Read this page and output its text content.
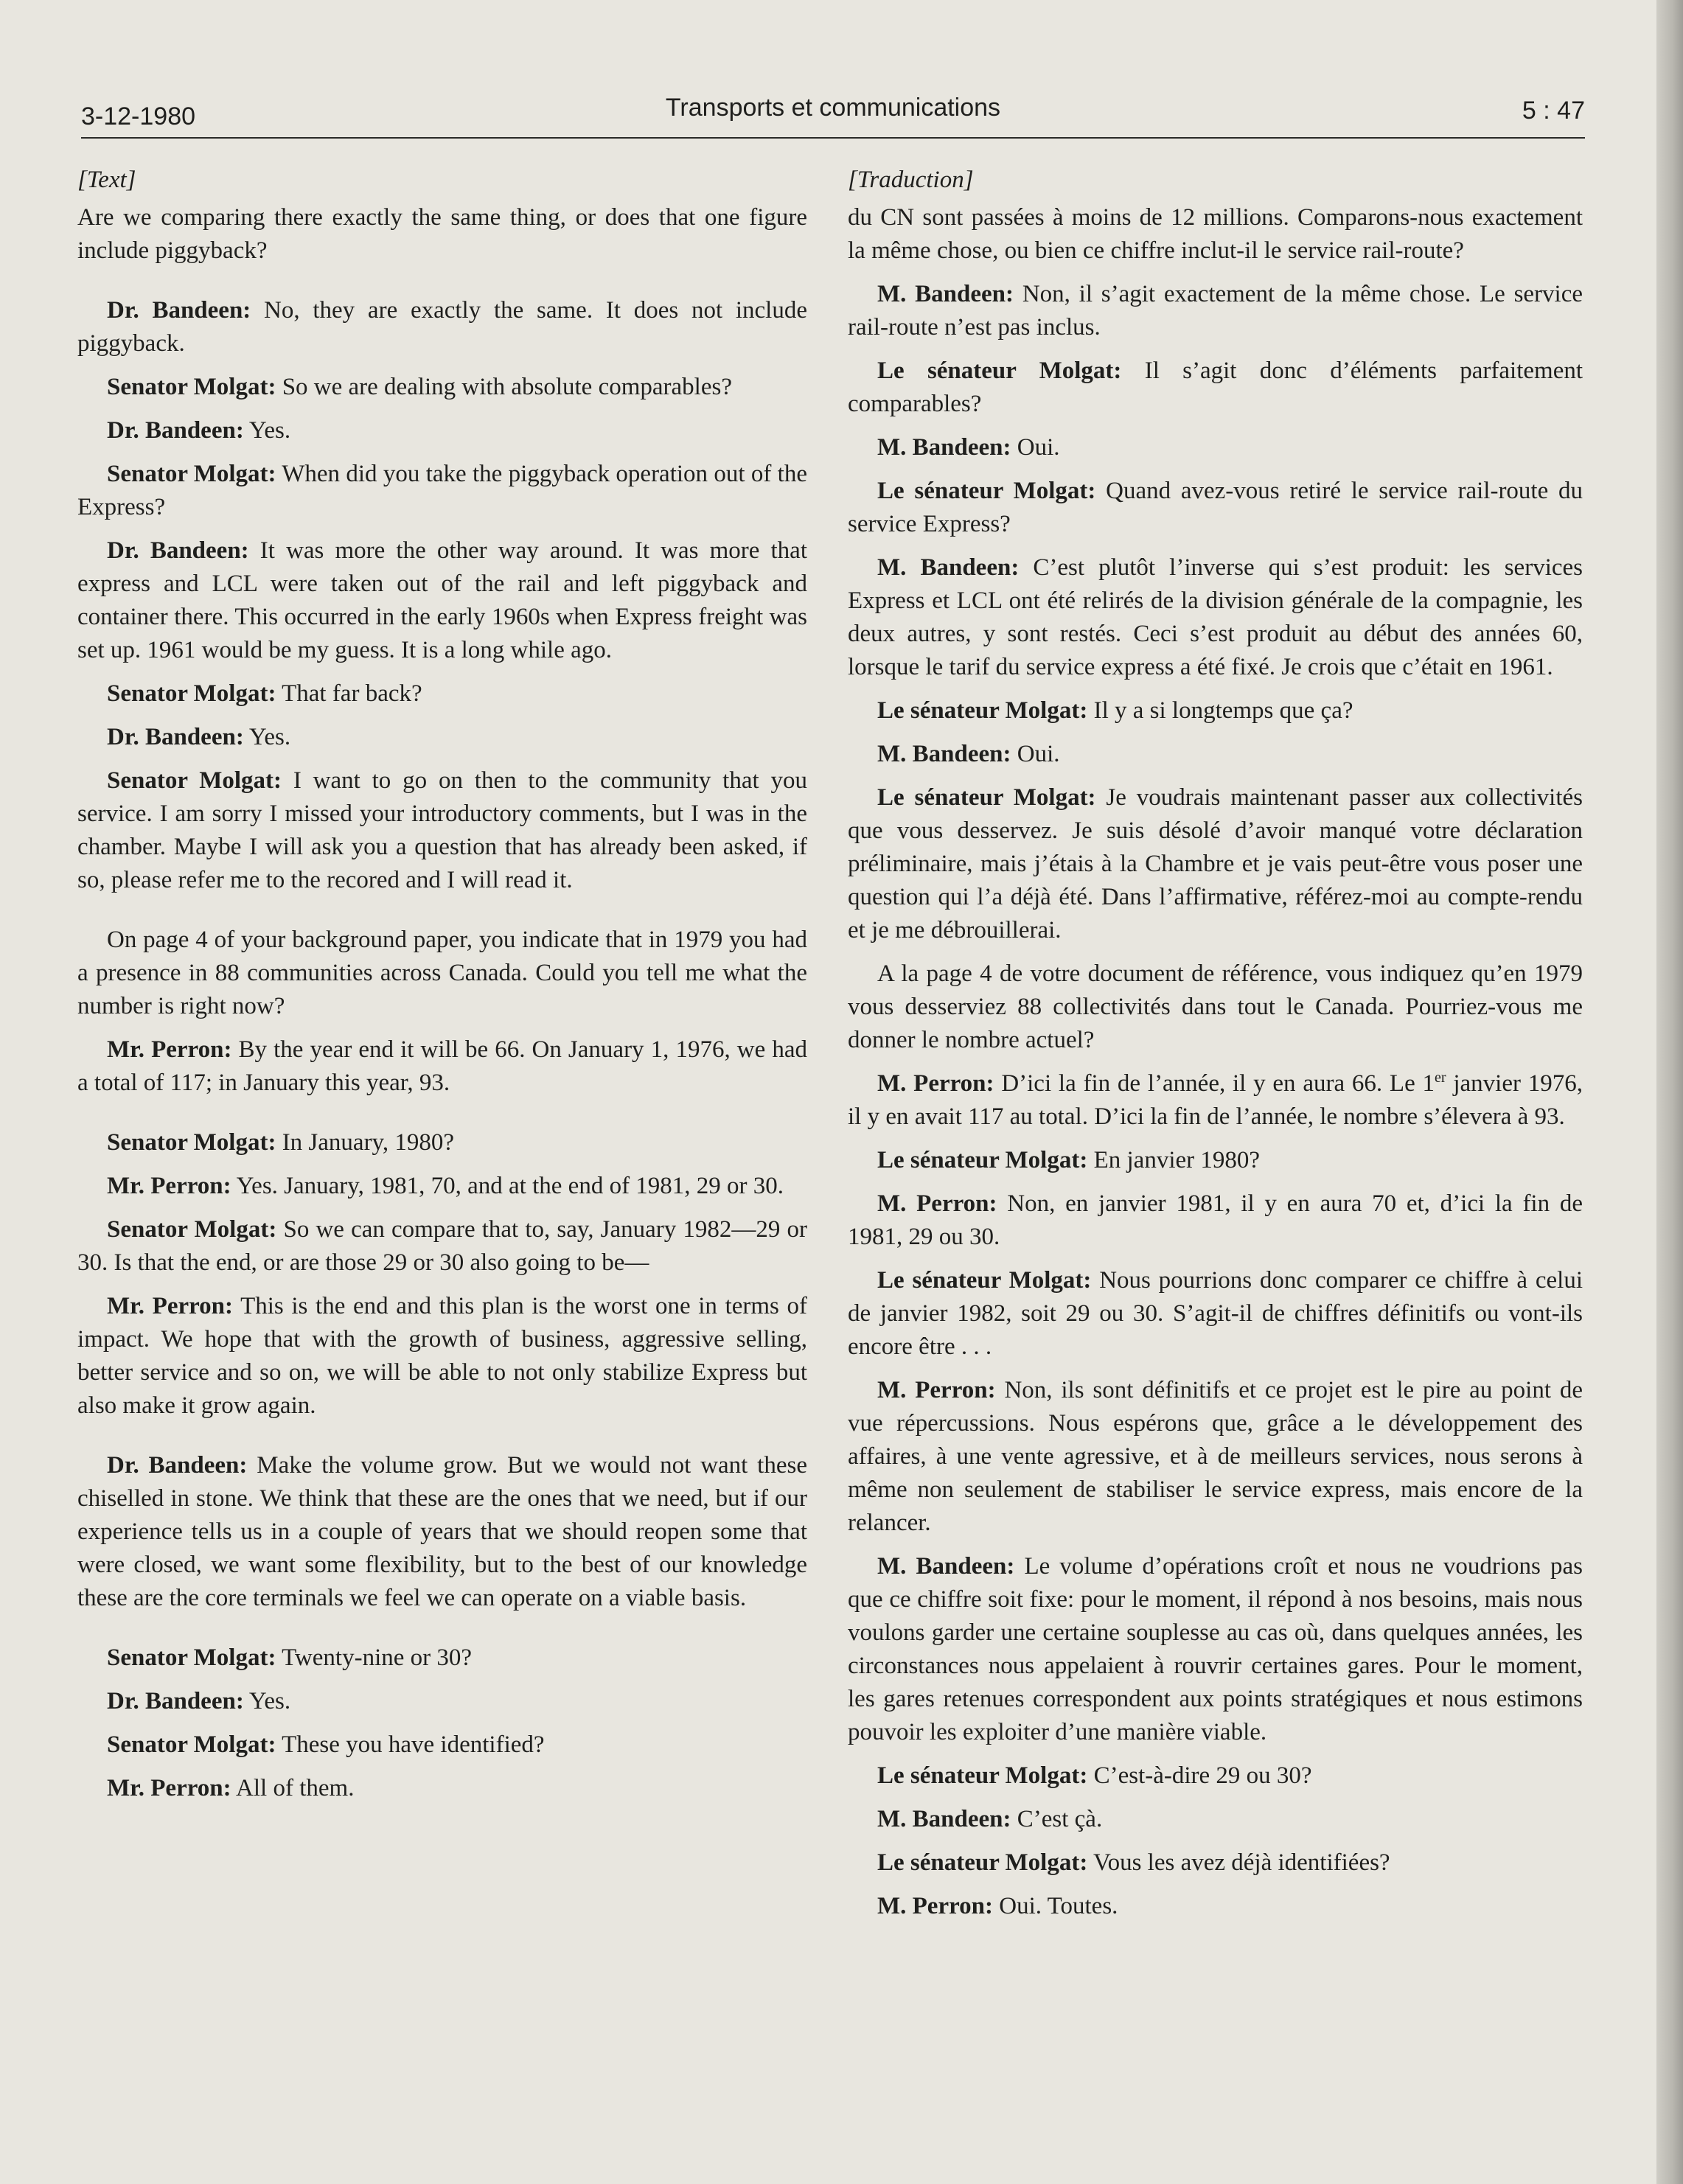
3-12-1980	Transports et communications	5 : 47
[Text]

Are we comparing there exactly the same thing, or does that one figure include piggyback?

Dr. Bandeen: No, they are exactly the same. It does not include piggyback.

Senator Molgat: So we are dealing with absolute comparables?

Dr. Bandeen: Yes.

Senator Molgat: When did you take the piggyback operation out of the Express?

Dr. Bandeen: It was more the other way around. It was more that express and LCL were taken out of the rail and left piggyback and container there. This occurred in the early 1960s when Express freight was set up. 1961 would be my guess. It is a long while ago.

Senator Molgat: That far back?

Dr. Bandeen: Yes.

Senator Molgat: I want to go on then to the community that you service. I am sorry I missed your introductory comments, but I was in the chamber. Maybe I will ask you a question that has already been asked, if so, please refer me to the recored and I will read it.

On page 4 of your background paper, you indicate that in 1979 you had a presence in 88 communities across Canada. Could you tell me what the number is right now?

Mr. Perron: By the year end it will be 66. On January 1, 1976, we had a total of 117; in January this year, 93.

Senator Molgat: In January, 1980?

Mr. Perron: Yes. January, 1981, 70, and at the end of 1981, 29 or 30.

Senator Molgat: So we can compare that to, say, January 1982—29 or 30. Is that the end, or are those 29 or 30 also going to be—

Mr. Perron: This is the end and this plan is the worst one in terms of impact. We hope that with the growth of business, aggressive selling, better service and so on, we will be able to not only stabilize Express but also make it grow again.

Dr. Bandeen: Make the volume grow. But we would not want these chiselled in stone. We think that these are the ones that we need, but if our experience tells us in a couple of years that we should reopen some that were closed, we want some flexibility, but to the best of our knowledge these are the core terminals we feel we can operate on a viable basis.

Senator Molgat: Twenty-nine or 30?

Dr. Bandeen: Yes.

Senator Molgat: These you have identified?

Mr. Perron: All of them.

[Traduction]

du CN sont passées à moins de 12 millions. Comparons-nous exactement la même chose, ou bien ce chiffre inclut-il le service rail-route?

M. Bandeen: Non, il s’agit exactement de la même chose. Le service rail-route n’est pas inclus.

Le sénateur Molgat: Il s’agit donc d’éléments parfaitement comparables?

M. Bandeen: Oui.

Le sénateur Molgat: Quand avez-vous retiré le service rail-route du service Express?

M. Bandeen: C’est plutôt l’inverse qui s’est produit: les services Express et LCL ont été relirés de la division générale de la compagnie, les deux autres, y sont restés. Ceci s’est produit au début des années 60, lorsque le tarif du service express a été fixé. Je crois que c’était en 1961.

Le sénateur Molgat: Il y a si longtemps que ça?

M. Bandeen: Oui.

Le sénateur Molgat: Je voudrais maintenant passer aux collectivités que vous desservez. Je suis désolé d’avoir manqué votre déclaration préliminaire, mais j’étais à la Chambre et je vais peut-être vous poser une question qui l’a déjà été. Dans l’affirmative, référez-moi au compte-rendu et je me débrouillerai.

A la page 4 de votre document de référence, vous indiquez qu’en 1979 vous desserviez 88 collectivités dans tout le Canada. Pourriez-vous me donner le nombre actuel?

M. Perron: D’ici la fin de l’année, il y en aura 66. Le 1er janvier 1976, il y en avait 117 au total. D’ici la fin de l’année, le nombre s’élevera à 93.

Le sénateur Molgat: En janvier 1980?

M. Perron: Non, en janvier 1981, il y en aura 70 et, d’ici la fin de 1981, 29 ou 30.

Le sénateur Molgat: Nous pourrions donc comparer ce chiffre à celui de janvier 1982, soit 29 ou 30. S’agit-il de chiffres définitifs ou vont-ils encore être . . .

M. Perron: Non, ils sont définitifs et ce projet est le pire au point de vue répercussions. Nous espérons que, grâce a le développement des affaires, à une vente agressive, et à de meilleurs services, nous serons à même non seulement de stabiliser le service express, mais encore de la relancer.

M. Bandeen: Le volume d’opérations croît et nous ne voudrions pas que ce chiffre soit fixe: pour le moment, il répond à nos besoins, mais nous voulons garder une certaine souplesse au cas où, dans quelques années, les circonstances nous appelaient à rouvrir certaines gares. Pour le moment, les gares retenues correspondent aux points stratégiques et nous estimons pouvoir les exploiter d’une manière viable.

Le sénateur Molgat: C’est-à-dire 29 ou 30?

M. Bandeen: C’est çà.

Le sénateur Molgat: Vous les avez déjà identifiées?

M. Perron: Oui. Toutes.
